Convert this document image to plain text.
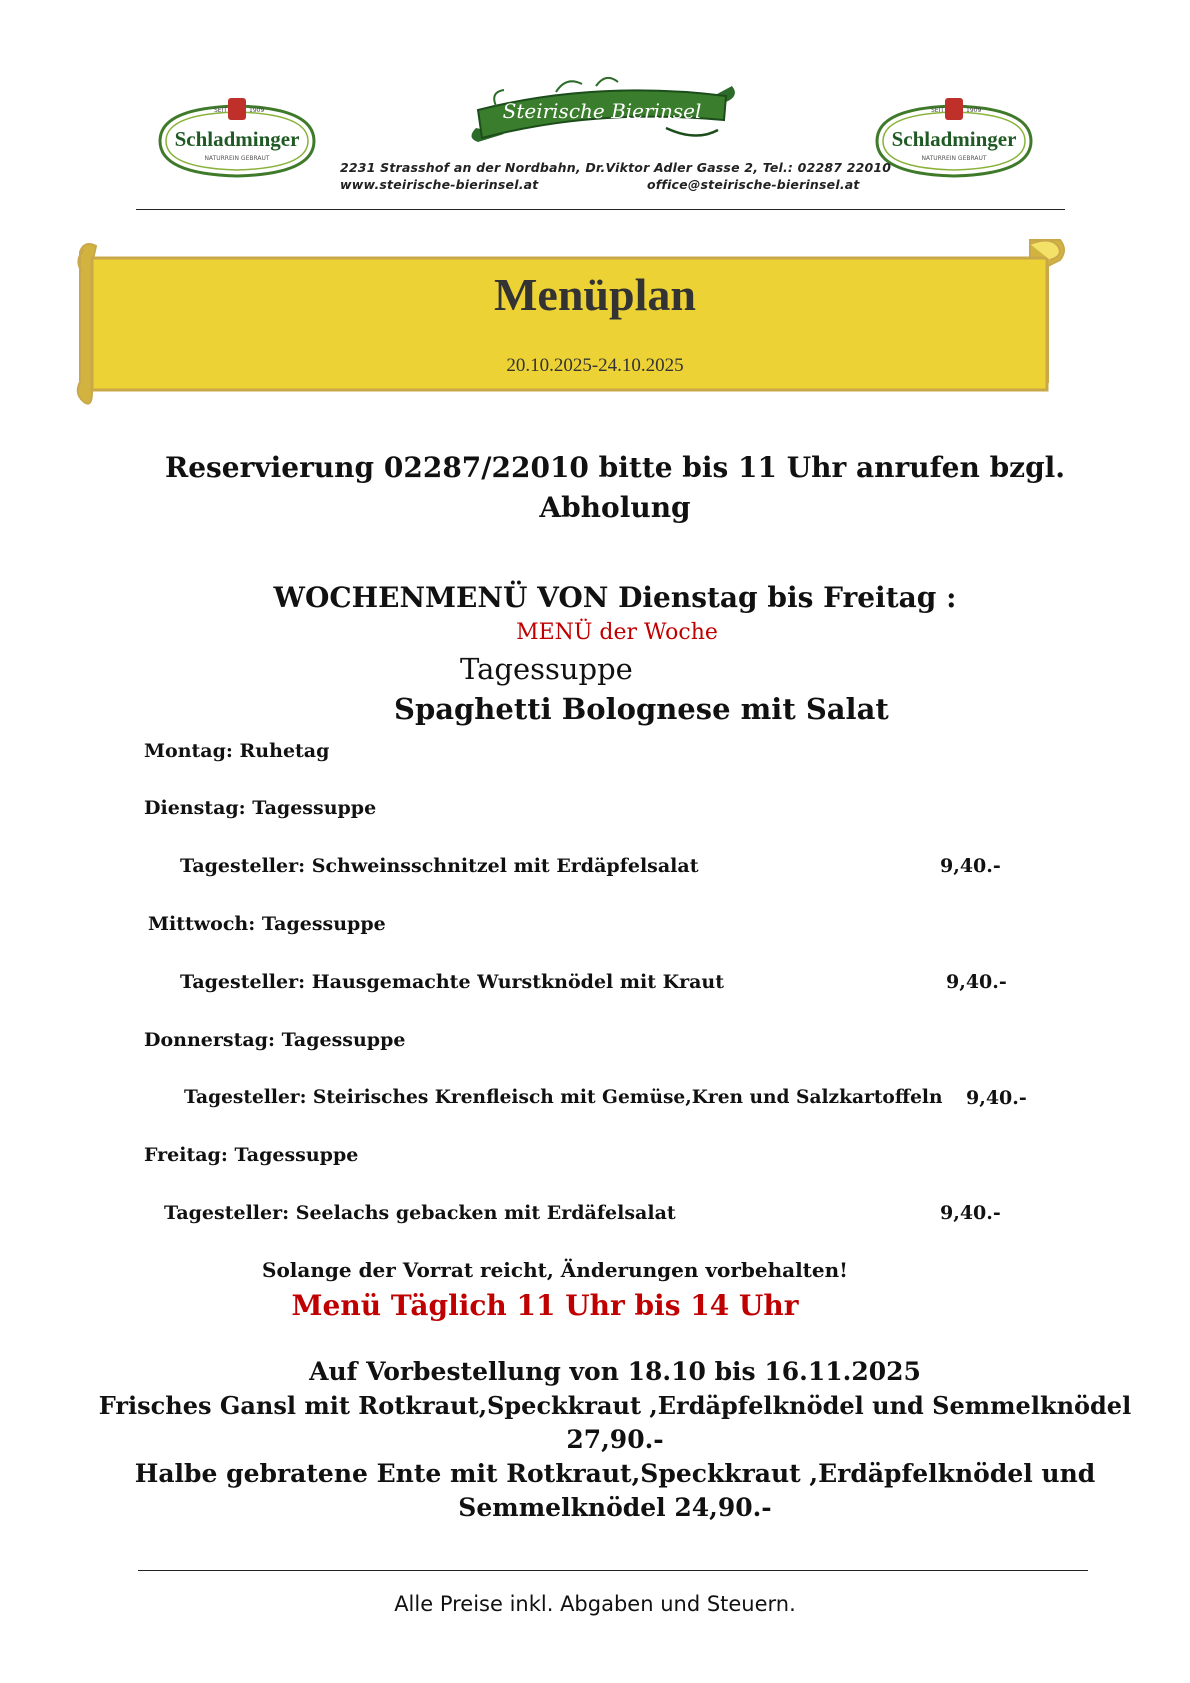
SEIT	1909
Schladminger
NATURREIN GEBRAUT
SEIT	1909
Schladminger
NATURREIN GEBRAUT
Steirische Bierinsel
2231 Strasshof an der Nordbahn, Dr.Viktor Adler Gasse 2, Tel.: 02287 22010
www.steirische-bierinsel.at	office@steirische-bierinsel.at
Menüplan
20.10.2025-24.10.2025
Reservierung 02287/22010 bitte bis 11 Uhr anrufen bzgl.
Abholung
WOCHENMENÜ VON Dienstag bis Freitag :
MENÜ der Woche
Tagessuppe
Spaghetti Bolognese mit Salat
Montag: Ruhetag
Dienstag: Tagessuppe
Tagesteller: Schweinsschnitzel mit Erdäpfelsalat	9,40.-
Mittwoch: Tagessuppe
Tagesteller: Hausgemachte Wurstknödel mit Kraut	9,40.-
Donnerstag: Tagessuppe
Tagesteller: Steirisches Krenfleisch mit Gemüse,Kren und Salzkartoffeln 9,40.-
Freitag: Tagessuppe
Tagesteller: Seelachs gebacken mit Erdäfelsalat	9,40.-
Solange der Vorrat reicht, Änderungen vorbehalten!
Menü Täglich 11 Uhr bis 14 Uhr
Auf Vorbestellung von 18.10 bis 16.11.2025
Frisches Gansl mit Rotkraut,Speckkraut ,Erdäpfelknödel und Semmelknödel
27,90.-
Halbe gebratene Ente mit Rotkraut,Speckkraut ,Erdäpfelknödel und
Semmelknödel 24,90.-
Alle Preise inkl. Abgaben und Steuern.
